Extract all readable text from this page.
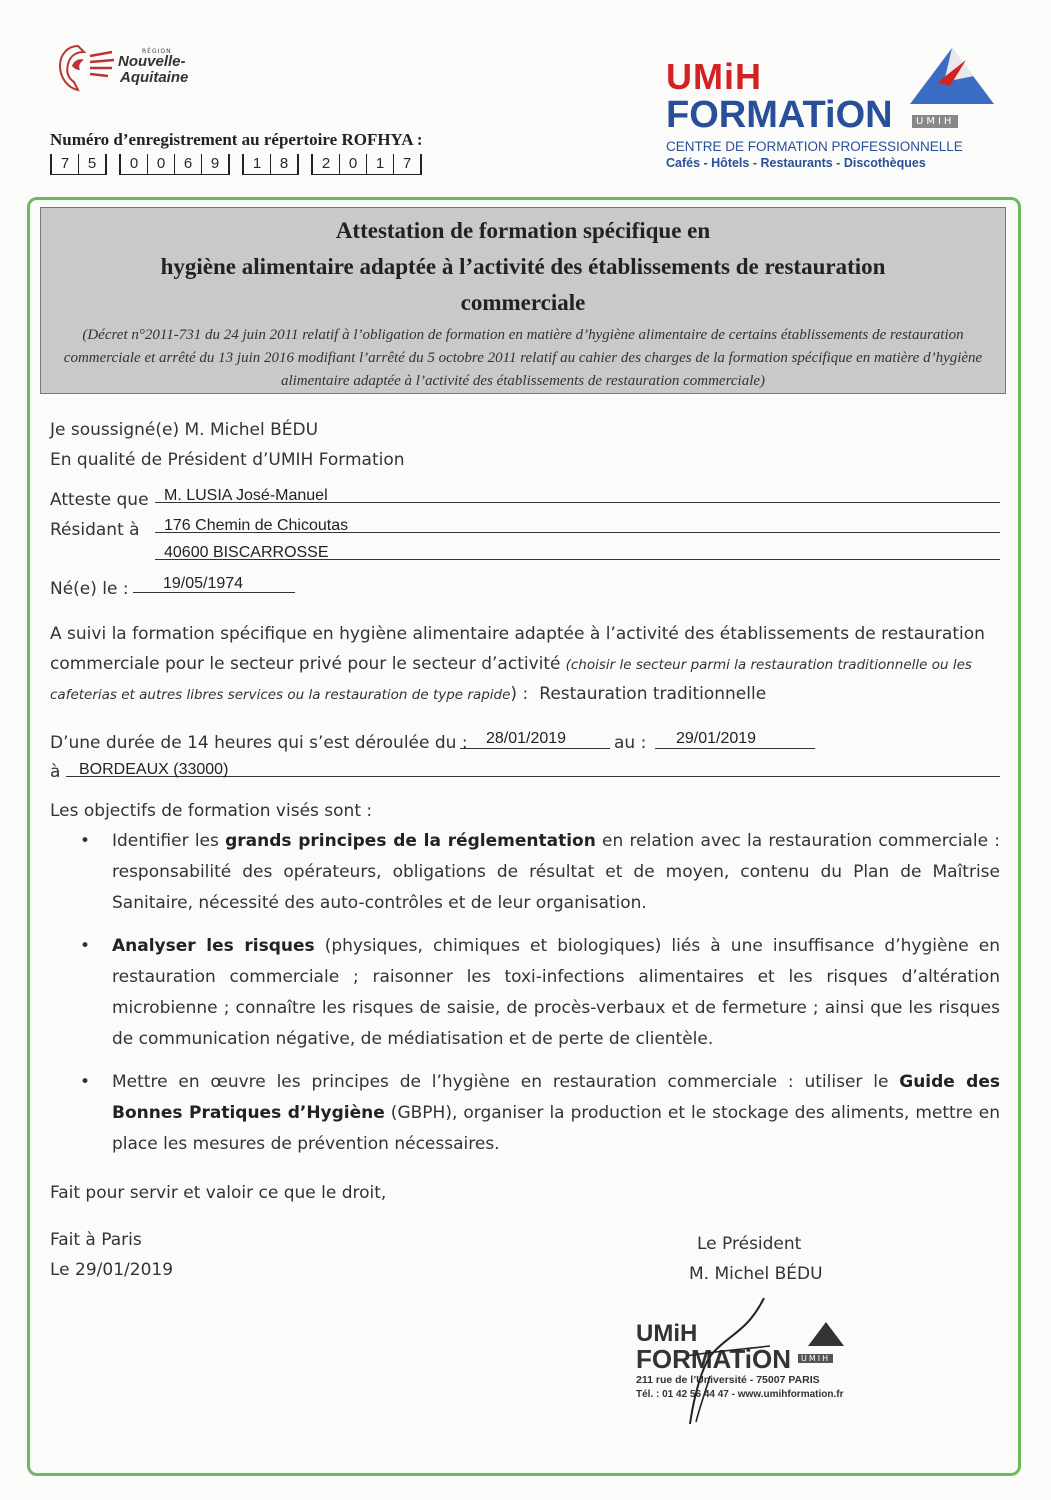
RÉGION
Nouvelle-
Aquitaine
Numéro d’enregistrement au répertoire ROFHYA :
7	5	0	0	6	9	1	8	2	0	1	7
UMiH
FORMATiON	UMIH
CENTRE DE FORMATION PROFESSIONNELLE
Cafés - Hôtels - Restaurants - Discothèques
Attestation de formation spécifique en
hygiène alimentaire adaptée à l’activité des établissements de restauration
commerciale
(Décret n°2011-731 du 24 juin 2011 relatif à l’obligation de formation en matière d’hygiène alimentaire de certains établissements de restauration commerciale et arrêté du 13 juin 2016 modifiant l’arrêté du 5 octobre 2011 relatif au cahier des charges de la formation spécifique en matière d’hygiène alimentaire adaptée à l’activité des établissements de restauration commerciale)
Je soussigné(e) M. Michel BÉDU
En qualité de Président d’UMIH Formation
Atteste que M. LUSIA José-Manuel
Résidant à 176 Chemin de Chicoutas
40600 BISCARROSSE
Né(e) le : 19/05/1974
A suivi la formation spécifique en hygiène alimentaire adaptée à l’activité des établissements de restauration
commerciale pour le secteur privé pour le secteur d’activité (choisir le secteur parmi la restauration traditionnelle ou les
cafeterias et autres libres services ou la restauration de type rapide) : Restauration traditionnelle
D’une durée de 14 heures qui s’est déroulée du : 28/01/2019	au : 29/01/2019
à BORDEAUX (33000)
Les objectifs de formation visés sont :
• Identifier les grands principes de la réglementation en relation avec la restauration commerciale : responsabilité des opérateurs, obligations de résultat et de moyen, contenu du Plan de Maîtrise Sanitaire, nécessité des auto-contrôles et de leur organisation.
• Analyser les risques (physiques, chimiques et biologiques) liés à une insuffisance d’hygiène en restauration commerciale ; raisonner les toxi-infections alimentaires et les risques d’altération microbienne ; connaître les risques de saisie, de procès-verbaux et de fermeture ; ainsi que les risques de communication négative, de médiatisation et de perte de clientèle.
• Mettre en œuvre les principes de l’hygiène en restauration commerciale : utiliser le Guide des Bonnes Pratiques d’Hygiène (GBPH), organiser la production et le stockage des aliments, mettre en place les mesures de prévention nécessaires.
Fait pour servir et valoir ce que le droit,
Fait à Paris
Le 29/01/2019
Le Président
M. Michel BÉDU
UMiH
FORMATiON	UMIH
211 rue de l’Université - 75007 PARIS
Tél. : 01 42 56 44 47 - www.umihformation.fr
